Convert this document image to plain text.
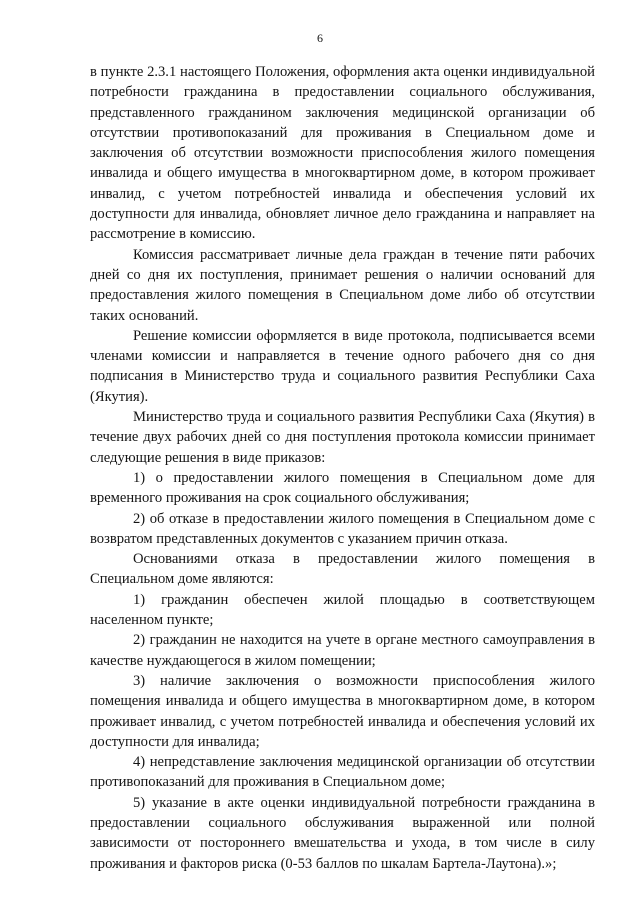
6

в пункте 2.3.1 настоящего Положения, оформления акта оценки индивидуальной потребности гражданина в предоставлении социального обслуживания, представленного гражданином заключения медицинской организации об отсутствии противопоказаний для проживания в Специальном доме и заключения об отсутствии возможности приспособления жилого помещения инвалида и общего имущества в многоквартирном доме, в котором проживает инвалид, с учетом потребностей инвалида и обеспечения условий их доступности для инвалида, обновляет личное дело гражданина и направляет на рассмотрение в комиссию.

Комиссия рассматривает личные дела граждан в течение пяти рабочих дней со дня их поступления, принимает решения о наличии оснований для предоставления жилого помещения в Специальном доме либо об отсутствии таких оснований.

Решение комиссии оформляется в виде протокола, подписывается всеми членами комиссии и направляется в течение одного рабочего дня со дня подписания в Министерство труда и социального развития Республики Саха (Якутия).

Министерство труда и социального развития Республики Саха (Якутия) в течение двух рабочих дней со дня поступления протокола комиссии принимает следующие решения в виде приказов:

1) о предоставлении жилого помещения в Специальном доме для временного проживания на срок социального обслуживания;

2) об отказе в предоставлении жилого помещения в Специальном доме с возвратом представленных документов с указанием причин отказа.

Основаниями отказа в предоставлении жилого помещения в Специальном доме являются:

1) гражданин обеспечен жилой площадью в соответствующем населенном пункте;

2) гражданин не находится на учете в органе местного самоуправления в качестве нуждающегося в жилом помещении;

3) наличие заключения о возможности приспособления жилого помещения инвалида и общего имущества в многоквартирном доме, в котором проживает инвалид, с учетом потребностей инвалида и обеспечения условий их доступности для инвалида;

4) непредставление заключения медицинской организации об отсутствии противопоказаний для проживания в Специальном доме;

5) указание в акте оценки индивидуальной потребности гражданина в предоставлении социального обслуживания выраженной или полной зависимости от постороннего вмешательства и ухода, в том числе в силу проживания и факторов риска (0-53 баллов по шкалам Бартела-Лаутона).»;
